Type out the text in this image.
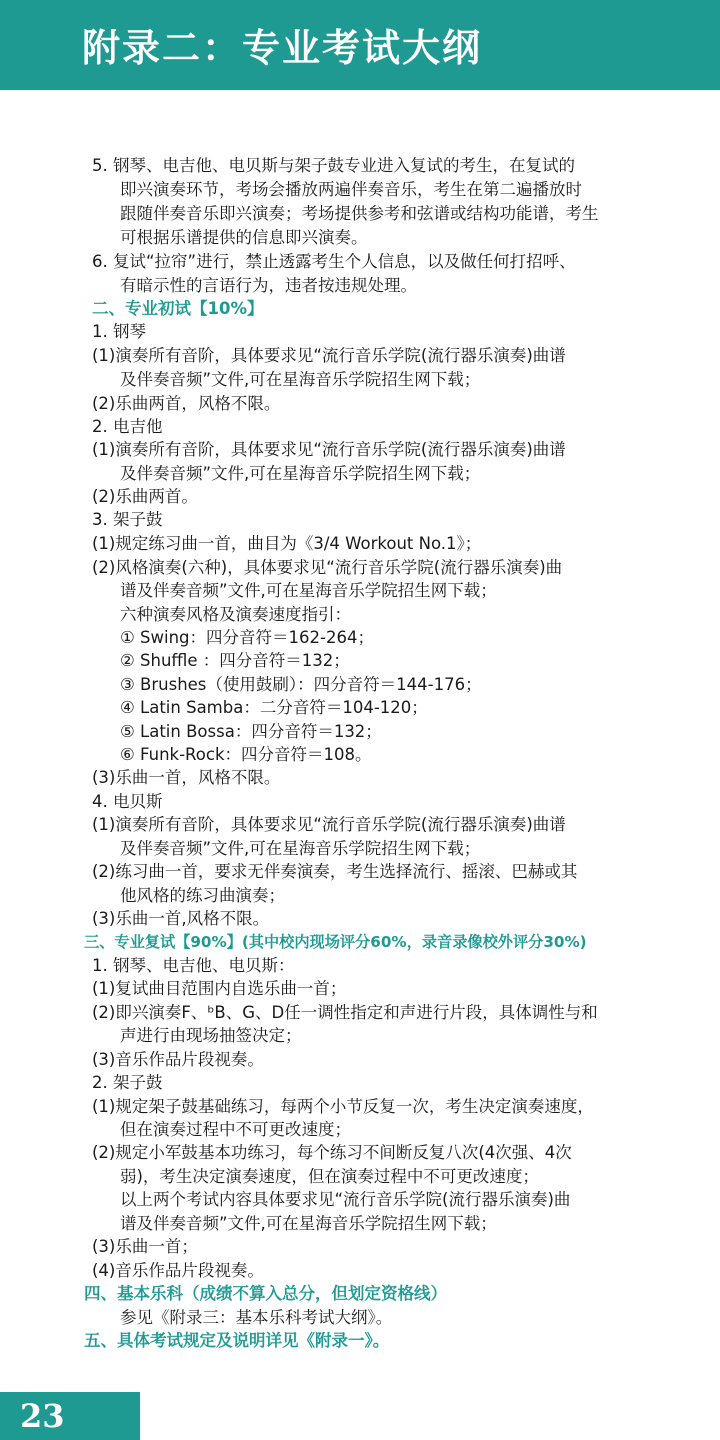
附录二：专业考试大纲
5. 钢琴、电吉他、电贝斯与架子鼓专业进入复试的考生，在复试的
即兴演奏环节，考场会播放两遍伴奏音乐，考生在第二遍播放时
跟随伴奏音乐即兴演奏；考场提供参考和弦谱或结构功能谱，考生
可根据乐谱提供的信息即兴演奏。
6. 复试“拉帘”进行，禁止透露考生个人信息，以及做任何打招呼、
有暗示性的言语行为，违者按违规处理。
二、专业初试【10%】
1. 钢琴
(1)演奏所有音阶，具体要求见“流行音乐学院(流行器乐演奏)曲谱
及伴奏音频”文件,可在星海音乐学院招生网下载；
(2)乐曲两首，风格不限。
2. 电吉他
(1)演奏所有音阶，具体要求见“流行音乐学院(流行器乐演奏)曲谱
及伴奏音频”文件,可在星海音乐学院招生网下载；
(2)乐曲两首。
3. 架子鼓
(1)规定练习曲一首，曲目为《3/4 Workout No.1》；
(2)风格演奏(六种)，具体要求见“流行音乐学院(流行器乐演奏)曲
谱及伴奏音频”文件,可在星海音乐学院招生网下载；
六种演奏风格及演奏速度指引：
① Swing：四分音符＝162-264；
② Shuffle ：四分音符＝132；
③ Brushes（使用鼓刷）：四分音符＝144-176；
④ Latin Samba：二分音符＝104-120；
⑤ Latin Bossa：四分音符＝132；
⑥ Funk-Rock：四分音符＝108。
(3)乐曲一首，风格不限。
4. 电贝斯
(1)演奏所有音阶，具体要求见“流行音乐学院(流行器乐演奏)曲谱
及伴奏音频”文件,可在星海音乐学院招生网下载；
(2)练习曲一首，要求无伴奏演奏，考生选择流行、摇滚、巴赫或其
他风格的练习曲演奏；
(3)乐曲一首,风格不限。
三、专业复试【90%】(其中校内现场评分60%，录音录像校外评分30%)
1. 钢琴、电吉他、电贝斯：
(1)复试曲目范围内自选乐曲一首；
(2)即兴演奏F、ᵇB、G、D任一调性指定和声进行片段，具体调性与和
声进行由现场抽签决定；
(3)音乐作品片段视奏。
2. 架子鼓
(1)规定架子鼓基础练习，每两个小节反复一次，考生决定演奏速度，
但在演奏过程中不可更改速度；
(2)规定小军鼓基本功练习，每个练习不间断反复八次(4次强、4次
弱)，考生决定演奏速度，但在演奏过程中不可更改速度；
以上两个考试内容具体要求见“流行音乐学院(流行器乐演奏)曲
谱及伴奏音频”文件,可在星海音乐学院招生网下载；
(3)乐曲一首；
(4)音乐作品片段视奏。
四、基本乐科（成绩不算入总分，但划定资格线）
参见《附录三：基本乐科考试大纲》。
五、具体考试规定及说明详见《附录一》。
23
